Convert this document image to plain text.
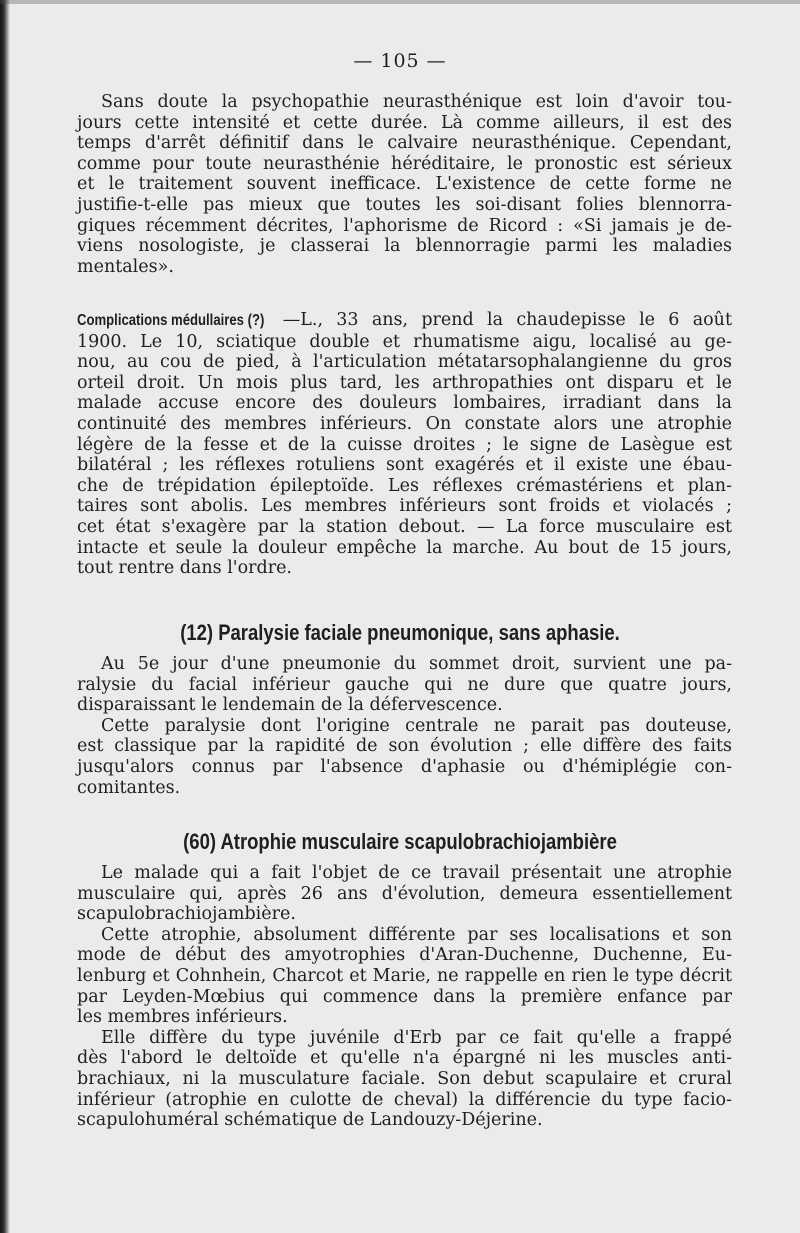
— 105 —

Sans doute la psychopathie neurasthénique est loin d'avoir tou-

jours cette intensité et cette durée. Là comme ailleurs, il est des

temps d'arrêt définitif dans le calvaire neurasthénique. Cependant,

comme pour toute neurasthénie héréditaire, le pronostic est sérieux

et le traitement souvent inefficace. L'existence de cette forme ne

justifie-t-elle pas mieux que toutes les soi-disant folies blennorra-

giques récemment décrites, l'aphorisme de Ricord : «Si jamais je de-

viens nosologiste, je classerai la blennorragie parmi les maladies

mentales».

Complications médullaires (?) —L., 33 ans, prend la chaudepisse le 6 août

1900. Le 10, sciatique double et rhumatisme aigu, localisé au ge-

nou, au cou de pied, à l'articulation métatarsophalangienne du gros

orteil droit. Un mois plus tard, les arthropathies ont disparu et le

malade accuse encore des douleurs lombaires, irradiant dans la

continuité des membres inférieurs. On constate alors une atrophie

légère de la fesse et de la cuisse droites ; le signe de Lasègue est

bilatéral ; les réflexes rotuliens sont exagérés et il existe une ébau-

che de trépidation épileptoïde. Les réflexes crémastériens et plan-

taires sont abolis. Les membres inférieurs sont froids et violacés ;

cet état s'exagère par la station debout. — La force musculaire est

intacte et seule la douleur empêche la marche. Au bout de 15 jours,

tout rentre dans l'ordre.

(12) Paralysie faciale pneumonique, sans aphasie.

Au 5e jour d'une pneumonie du sommet droit, survient une pa-

ralysie du facial inférieur gauche qui ne dure que quatre jours,

disparaissant le lendemain de la défervescence.

Cette paralysie dont l'origine centrale ne parait pas douteuse,

est classique par la rapidité de son évolution ; elle diffère des faits

jusqu'alors connus par l'absence d'aphasie ou d'hémiplégie con-

comitantes.

(60) Atrophie musculaire scapulobrachiojambière

Le malade qui a fait l'objet de ce travail présentait une atrophie

musculaire qui, après 26 ans d'évolution, demeura essentiellement

scapulobrachiojambière.

Cette atrophie, absolument différente par ses localisations et son

mode de début des amyotrophies d'Aran-Duchenne, Duchenne, Eu-

lenburg et Cohnhein, Charcot et Marie, ne rappelle en rien le type décrit

par Leyden-Mœbius qui commence dans la première enfance par

les membres inférieurs.

Elle diffère du type juvénile d'Erb par ce fait qu'elle a frappé

dès l'abord le deltoïde et qu'elle n'a épargné ni les muscles anti-

brachiaux, ni la musculature faciale. Son debut scapulaire et crural

inférieur (atrophie en culotte de cheval) la différencie du type facio-

scapulohuméral schématique de Landouzy-Déjerine.
